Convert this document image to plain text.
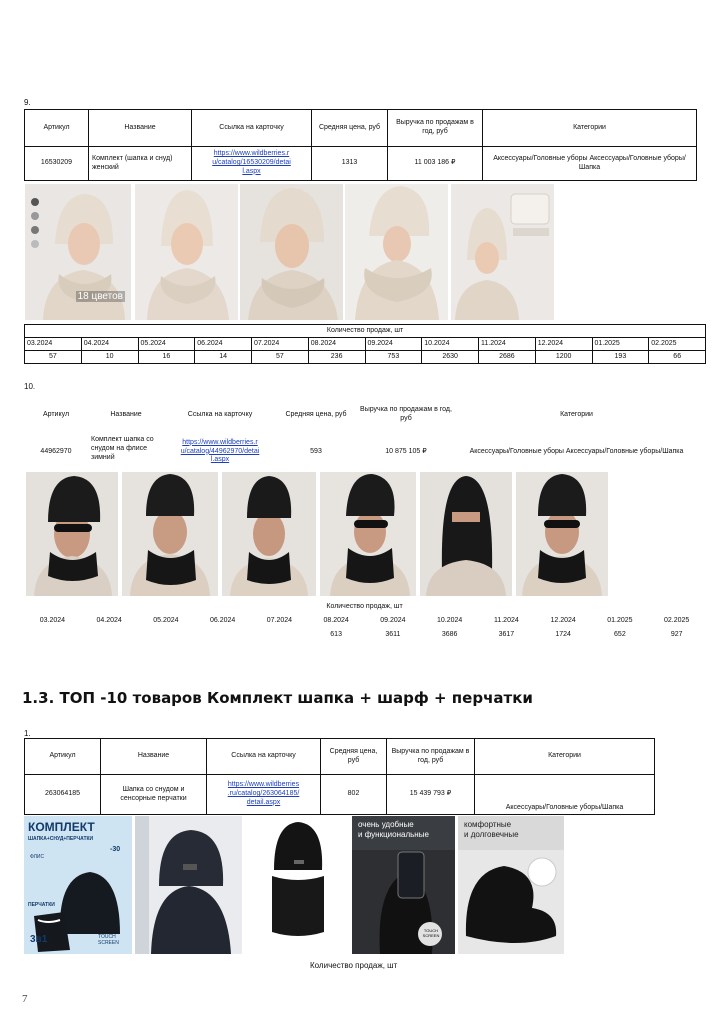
9.
Артикул	Название	Ссылка на карточку	Средняя цена, руб	Выручка по продажам в год, руб	Категории
16530209	Комплект (шапка и снуд) женский	https://www.wildberries.r
u/catalog/16530209/detai
l.aspx	1313	11 003 186 ₽	Аксессуары/Головные уборы Аксессуары/Головные уборы/Шапка
18 цветов
Количество продаж, шт											
03.2024	04.2024	05.2024	06.2024	07.2024	08.2024	09.2024	10.2024	11.2024	12.2024	01.2025	02.2025
57	10	16	14	57	236	753	2630	2686	1200	193	66
10.
Артикул	Название	Ссылка на карточку	Средняя цена, руб	Выручка по продажам в год, руб	Категории
44962970	Комплект шапка со снудом на флисе зимний	https://www.wildberries.r
u/catalog/44962970/detai
l.aspx	593	10 875 105 ₽	Аксессуары/Головные уборы Аксессуары/Головные уборы/Шапка
Количество продаж, шт											
03.2024	04.2024	05.2024	06.2024	07.2024	08.2024	09.2024	10.2024	11.2024	12.2024	01.2025	02.2025
					613	3611	3686	3617	1724	652	927
1.3. ТОП -10 товаров Комплект шапка + шарф + перчатки
1.
Артикул	Название	Ссылка на карточку	Средняя цена, руб	Выручка по продажам в год, руб	Категории
263064185	Шапка со снудом и сенсорные перчатки	https://www.wildberries
.ru/catalog/263064185/
detail.aspx	802	15 439 793 ₽	Аксессуары/Головные уборы/Шапка
КОМПЛЕКТ
ШАПКА+СНУД+ПЕРЧАТКИ
-30
ФЛИС
ПЕРЧАТКИ
3в1	TOUCH SCREEN
очень удобные
и функциональные
TOUCH SCREEN
комфортные
и долговечные
Количество продаж, шт
7
